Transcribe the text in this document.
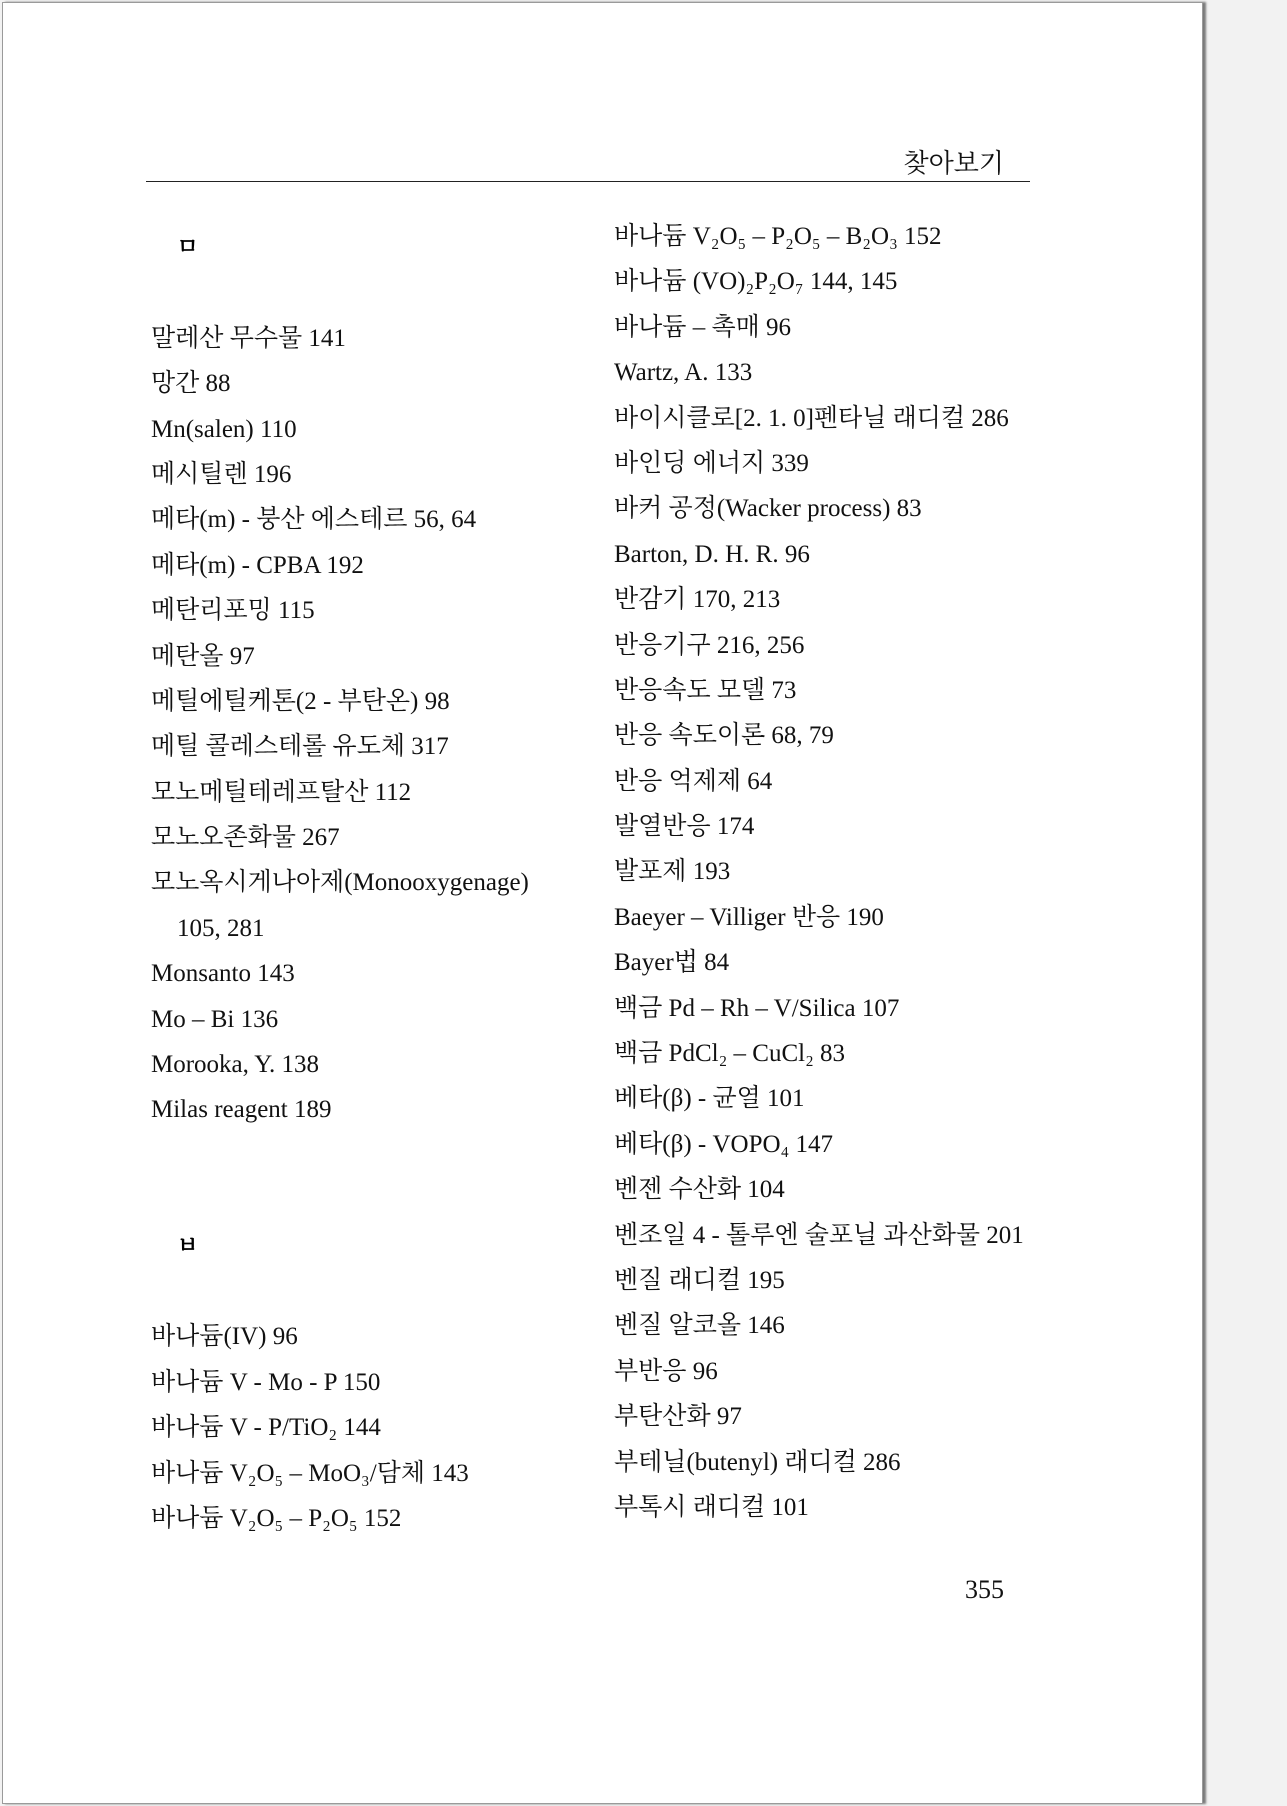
찾아보기
ㅁ
말레산 무수물 141
망간 88
Mn(salen) 110
메시틸렌 196
메타(m) - 붕산 에스테르 56, 64
메타(m) - CPBA 192
메탄리포밍 115
메탄올 97
메틸에틸케톤(2 - 부탄온) 98
메틸 콜레스테롤 유도체 317
모노메틸테레프탈산 112
모노오존화물 267
모노옥시게나아제(Monooxygenage)
105, 281
Monsanto 143
Mo – Bi 136
Morooka, Y. 138
Milas reagent 189
ㅂ
바나듐(IV) 96
바나듐 V - Mo - P 150
바나듐 V - P/TiO₂ 144
바나듐 V₂O₅ – MoO₃/담체 143
바나듐 V₂O₅ – P₂O₅ 152
바나듐 V₂O₅ – P₂O₅ – B₂O₃ 152
바나듐 (VO)₂P₂O₇ 144, 145
바나듐 – 촉매 96
Wartz, A. 133
바이시클로[2. 1. 0]펜타닐 래디컬 286
바인딩 에너지 339
바커 공정(Wacker process) 83
Barton, D. H. R. 96
반감기 170, 213
반응기구 216, 256
반응속도 모델 73
반응 속도이론 68, 79
반응 억제제 64
발열반응 174
발포제 193
Baeyer – Villiger 반응 190
Bayer법 84
백금 Pd – Rh – V/Silica 107
백금 PdCl₂ – CuCl₂ 83
베타(β) - 균열 101
베타(β) - VOPO₄ 147
벤젠 수산화 104
벤조일 4 - 톨루엔 술포닐 과산화물 201
벤질 래디컬 195
벤질 알코올 146
부반응 96
부탄산화 97
부테닐(butenyl) 래디컬 286
부톡시 래디컬 101
355
